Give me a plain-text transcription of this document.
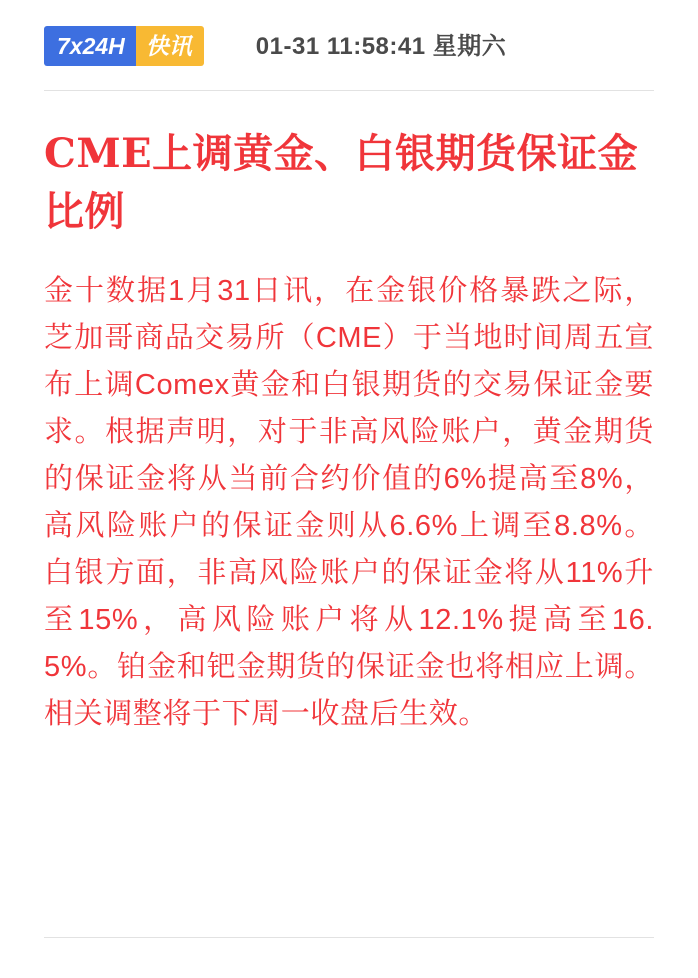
7x24H 快讯	01-31 11:58:41 星期六
CME上调黄金、白银期货保证金比例
金十数据1月31日讯，在金银价格暴跌之际，芝加哥商品交易所（CME）于当地时间周五宣布上调Comex黄金和白银期货的交易保证金要求。根据声明，对于非高风险账户，黄金期货的保证金将从当前合约价值的6%提高至8%，高风险账户的保证金则从6.6%上调至8.8%。白银方面，非高风险账户的保证金将从11%升至15%，高风险账户将从12.1%提高至16.5%。铂金和钯金期货的保证金也将相应上调。相关调整将于下周一收盘后生效。
